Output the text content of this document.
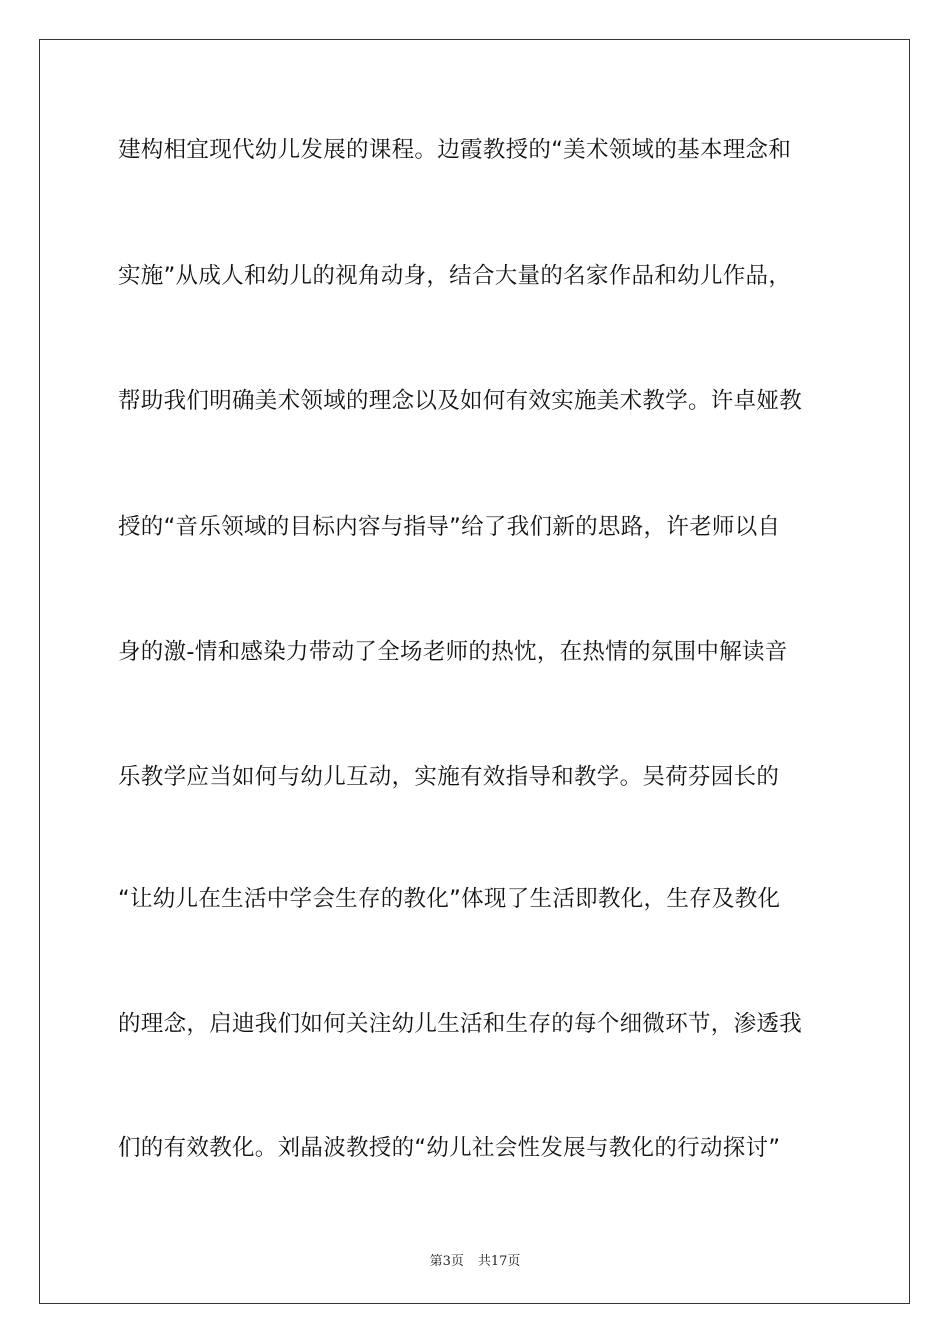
建构相宜现代幼儿发展的课程。边霞教授的“美术领域的基本理念和
实施”从成人和幼儿的视角动身，结合大量的名家作品和幼儿作品，
帮助我们明确美术领域的理念以及如何有效实施美术教学。许卓娅教
授的“音乐领域的目标内容与指导”给了我们新的思路，许老师以自
身的激-情和感染力带动了全场老师的热忱，在热情的氛围中解读音
乐教学应当如何与幼儿互动，实施有效指导和教学。吴荷芬园长的
“让幼儿在生活中学会生存的教化”体现了生活即教化，生存及教化
的理念，启迪我们如何关注幼儿生活和生存的每个细微环节，渗透我
们的有效教化。刘晶波教授的“幼儿社会性发展与教化的行动探讨”
第3页 共17页
